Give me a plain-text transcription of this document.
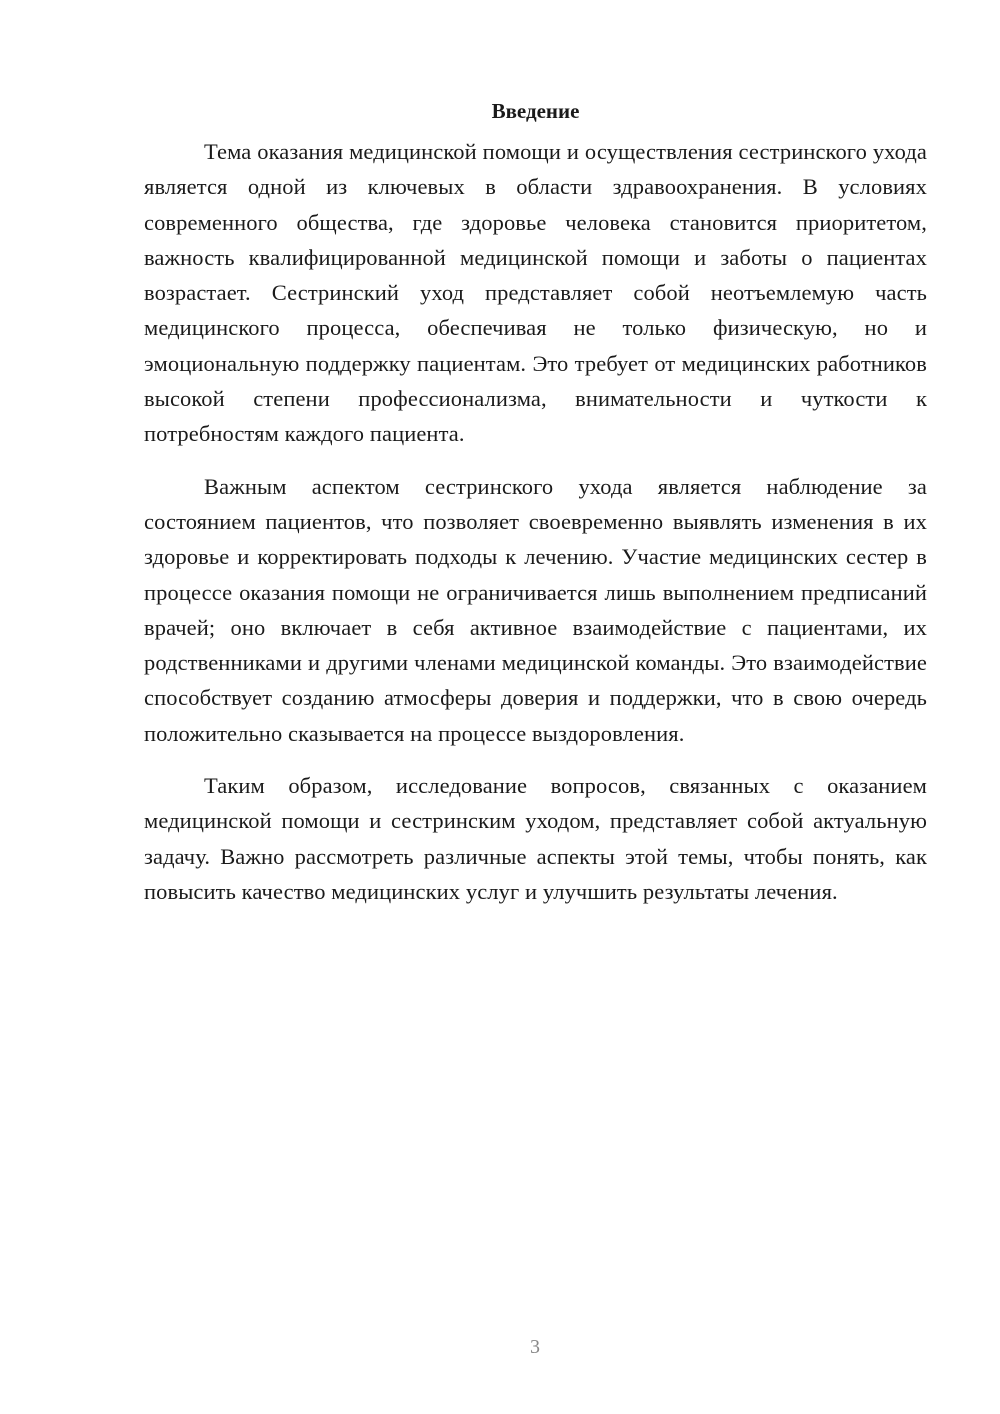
Введение

Тема оказания медицинской помощи и осуществления сестринского ухода является одной из ключевых в области здравоохранения. В условиях современного общества, где здоровье человека становится приоритетом, важность квалифицированной медицинской помощи и заботы о пациентах возрастает. Сестринский уход представляет собой неотъемлемую часть медицинского процесса, обеспечивая не только физическую, но и эмоциональную поддержку пациентам. Это требует от медицинских работников высокой степени профессионализма, внимательности и чуткости к потребностям каждого пациента.

Важным аспектом сестринского ухода является наблюдение за состоянием пациентов, что позволяет своевременно выявлять изменения в их здоровье и корректировать подходы к лечению. Участие медицинских сестер в процессе оказания помощи не ограничивается лишь выполнением предписаний врачей; оно включает в себя активное взаимодействие с пациентами, их родственниками и другими членами медицинской команды. Это взаимодействие способствует созданию атмосферы доверия и поддержки, что в свою очередь положительно сказывается на процессе выздоровления.

Таким образом, исследование вопросов, связанных с оказанием медицинской помощи и сестринским уходом, представляет собой актуальную задачу. Важно рассмотреть различные аспекты этой темы, чтобы понять, как повысить качество медицинских услуг и улучшить результаты лечения.

3
